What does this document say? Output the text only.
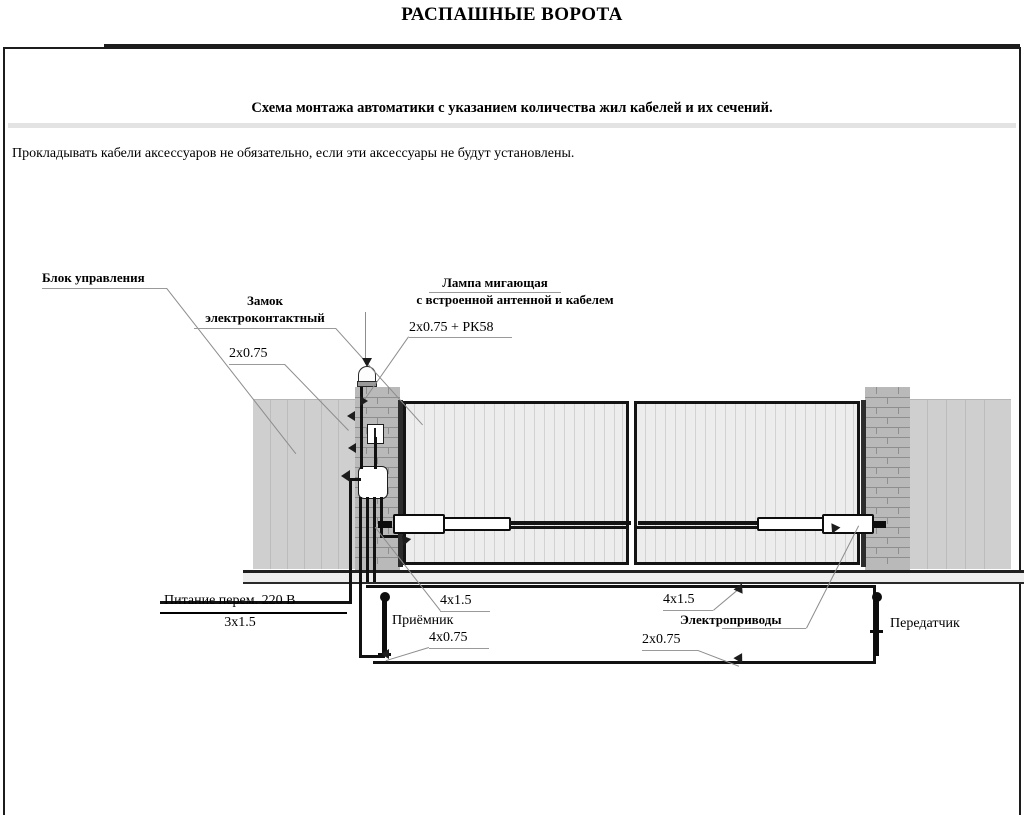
РАСПАШНЫЕ ВОРОТА
Схема монтажа автоматики с указанием количества жил кабелей и их сечений.
Прокладывать кабели аксессуаров не обязательно, если эти аксессуары не будут установлены.
Блок управления
Замок
электроконтактный
2x0.75
Лампа мигающая
с встроенной антенной и кабелем
2x0.75 + РК58
Питание перем. 220 В
3x1.5
4x1.5
Приёмник
4x0.75
4x1.5
Электроприводы
2x0.75
Передатчик
